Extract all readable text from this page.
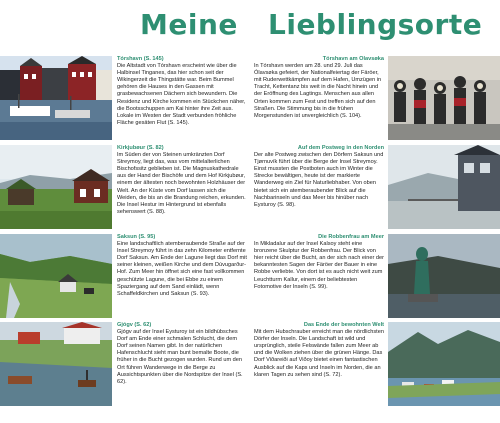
Meine Lieblingsorte
Tórshavn (S. 145)
Die Altstadt von Tórshavn erscheint wie über die Halbinsel Tinganes, das hier schon seit der Wikingerzeit die Thingstätte war. Beim Bummel gehören die Hauses in den Gassen mit grasbewachsenen Dächern sich bewundern. Die Residenz und Kirche kommen ein Stückchen näher, die Bootsschuppen am Kai hinter ihre Zeit aus. Lokale im Westen der Stadt verbunden fröhliche Fläche gesäten Flut (S. 145).
Kirkjubøur (S. 82)
Im Süden der von Steinen umkränzten Dorf Streymoy, liegt das, was vom mittelalterlichen Bischofssitz geblieben ist. Die Magnuskathedrale aus der Hand der Bischöfe und dem Hof Kirkjubøur, einem der ältesten noch bewohnten Holzhäuser der Welt. An der Küste vom Dorf lassen sich die Weiden, die bis an die Brandung reichen, erkunden. Die Insel Hestur im Hintergrund ist ebenfalls sehenswert (S. 88).
Saksun (S. 95)
Eine landschaftlich atemberaubende Straße auf der Insel Streymoy führt in das zehn Kilometer entfernte Dorf Saksun. Am Ende der Lagune liegt das Dorf mit seiner kleinen, weißen Kirche und dem Dúvugarður-Hof. Zum Meer hin öffnet sich eine fast vollkommen geschützte Lagune, die bei Ebbe zu einem Spaziergang auf dem Sand einlädt, wenn Schaffeldkirchen und Saksun (S. 93).
Gjógv (S. 62)
Gjógv auf der Insel Eysturoy ist ein bildhübsches Dorf am Ende einer schmalen Schlucht, die dem Dorf seinen Namen gibt. In der natürlichen Hafenschlucht sieht man bunt bemalte Boote, die früher in die Bucht gezogen wurden. Rund um den Ort führen Wanderwege in die Berge zu Aussichtspunkten über die Nordspitze der Insel (S. 62).
Tórshavn am Ólavsøka
In Tórshavn werden am 28. und 29. Juli das Ólavsøka gefeiert, der Nationalfeiertag der Färöer, mit Ruderwettkämpfen auf dem Hafen, Umzügen in Tracht, Kettentanz bis weit in die Nacht hinein und der Eröffnung des Lagtings. Menschen aus allen Orten kommen zum Fest und treffen sich auf den Straßen. Die Stimmung bis in die frühen Morgenstunden ist unvergleichlich (S. 104).
Auf dem Postweg in den Norden
Der alte Postweg zwischen den Dörfern Saksun und Tjørnuvík führt über die Berge der Insel Streymoy. Einst mussten die Postboten auch im Winter die Strecke bewältigen, heute ist der markierte Wanderweg ein Ziel für Naturliebhaber. Von oben bietet sich ein atemberaubender Blick auf die Nachbarinseln und das Meer bis hinüber nach Eysturoy (S. 98).
Die Robbenfrau am Meer
In Mikladalur auf der Insel Kalsoy steht eine bronzene Skulptur der Robbenfrau. Der Blick von hier reicht über die Bucht, an der sich nach einer der bekanntesten Sagen der Färöer der Bauer in eine Robbe verliebte. Von dort ist es auch nicht weit zum Leuchtturm Kallur, einem der beliebtesten Fotomotive der Inseln (S. 99).
Das Ende der bewohnten Welt
Mit dem Hubschrauber erreicht man die nördlichsten Dörfer der Inseln. Die Landschaft ist wild und ursprünglich, steile Felswände fallen zum Meer ab und die Wolken ziehen über die grünen Hänge. Das Dorf Viðareiði auf Viðoy bietet einen fantastischen Ausblick auf die Kaps und Inseln im Norden, die an klaren Tagen zu sehen sind (S. 72).
